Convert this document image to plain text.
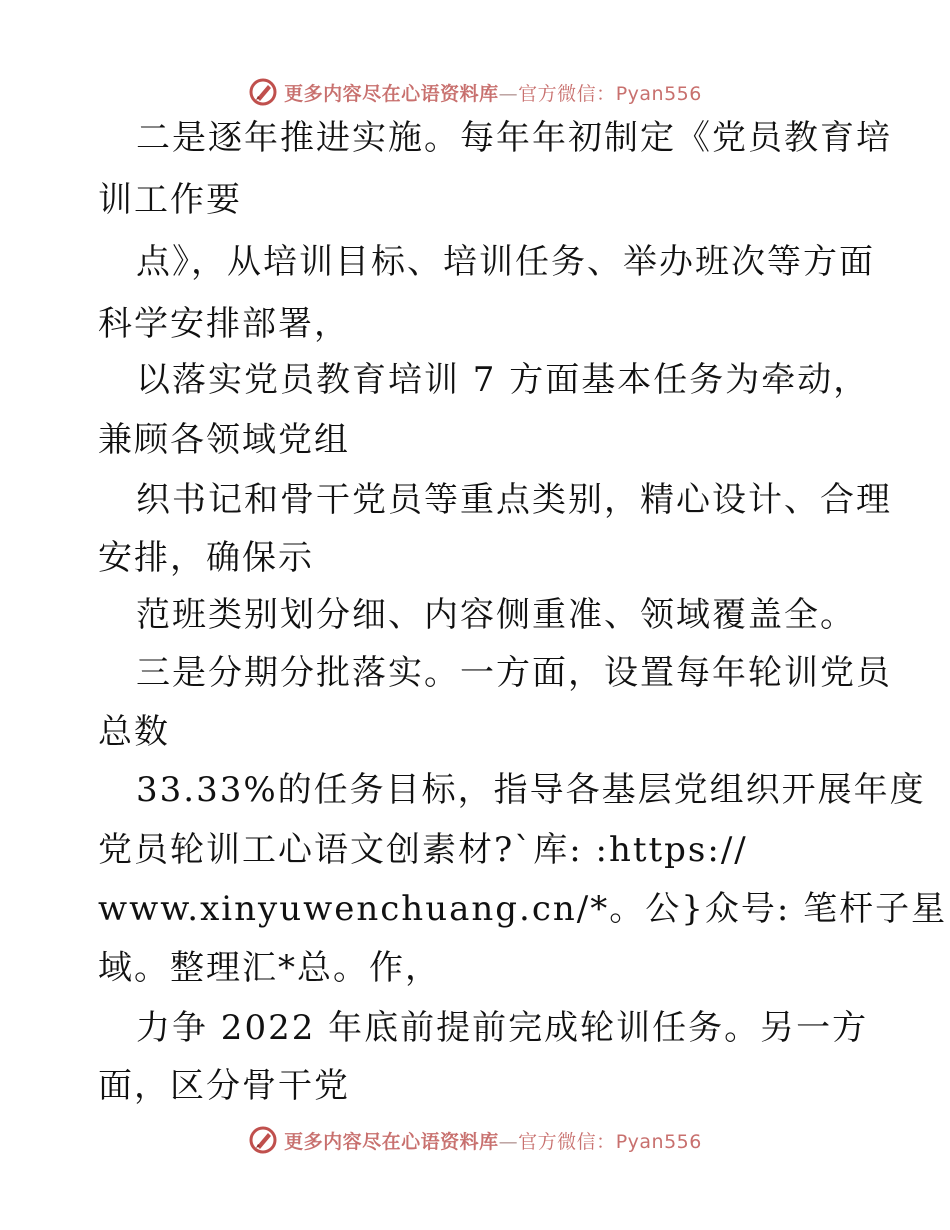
更多内容尽在心语资料库—官方微信：Pyan556
二是逐年推进实施。每年年初制定《党员教育培
训工作要
点》，从培训目标、培训任务、举办班次等方面
科学安排部署，
以落实党员教育培训 7 方面基本任务为牵动，
兼顾各领域党组
织书记和骨干党员等重点类别，精心设计、合理
安排，确保示
范班类别划分细、内容侧重准、领域覆盖全。
三是分期分批落实。一方面，设置每年轮训党员
总数
33.33%的任务目标，指导各基层党组织开展年度
党员轮训工心语文创素材?`库: :https://
www.xinyuwenchuang.cn/*。公}众号: 笔杆子星
域。整理汇*总。作，
力争 2022 年底前提前完成轮训任务。另一方
面，区分骨干党
更多内容尽在心语资料库—官方微信：Pyan556
